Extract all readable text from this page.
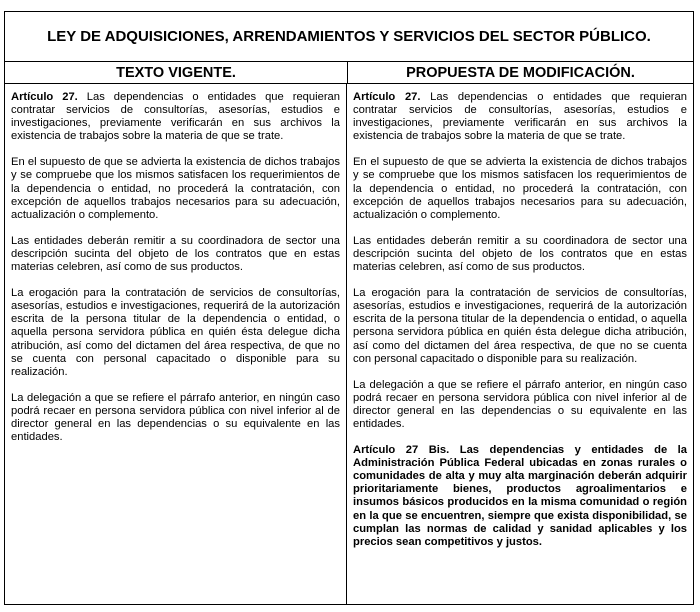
LEY DE ADQUISICIONES, ARRENDAMIENTOS Y SERVICIOS DEL SECTOR PÚBLICO.
TEXTO VIGENTE.	PROPUESTA DE MODIFICACIÓN.

Artículo 27. Las dependencias o entidades que requieran contratar servicios de consultorías, asesorías, estudios e investigaciones, previamente verificarán en sus archivos la existencia de trabajos sobre la materia de que se trate.

En el supuesto de que se advierta la existencia de dichos trabajos y se compruebe que los mismos satisfacen los requerimientos de la dependencia o entidad, no procederá la contratación, con excepción de aquellos trabajos necesarios para su adecuación, actualización o complemento.

Las entidades deberán remitir a su coordinadora de sector una descripción sucinta del objeto de los contratos que en estas materias celebren, así como de sus productos.

La erogación para la contratación de servicios de consultorías, asesorías, estudios e investigaciones, requerirá de la autorización escrita de la persona titular de la dependencia o entidad, o aquella persona servidora pública en quién ésta delegue dicha atribución, así como del dictamen del área respectiva, de que no se cuenta con personal capacitado o disponible para su realización.

La delegación a que se refiere el párrafo anterior, en ningún caso podrá recaer en persona servidora pública con nivel inferior al de director general en las dependencias o su equivalente en las entidades.

Artículo 27. Las dependencias o entidades que requieran contratar servicios de consultorías, asesorías, estudios e investigaciones, previamente verificarán en sus archivos la existencia de trabajos sobre la materia de que se trate.

En el supuesto de que se advierta la existencia de dichos trabajos y se compruebe que los mismos satisfacen los requerimientos de la dependencia o entidad, no procederá la contratación, con excepción de aquellos trabajos necesarios para su adecuación, actualización o complemento.

Las entidades deberán remitir a su coordinadora de sector una descripción sucinta del objeto de los contratos que en estas materias celebren, así como de sus productos.

La erogación para la contratación de servicios de consultorías, asesorías, estudios e investigaciones, requerirá de la autorización escrita de la persona titular de la dependencia o entidad, o aquella persona servidora pública en quién ésta delegue dicha atribución, así como del dictamen del área respectiva, de que no se cuenta con personal capacitado o disponible para su realización.

La delegación a que se refiere el párrafo anterior, en ningún caso podrá recaer en persona servidora pública con nivel inferior al de director general en las dependencias o su equivalente en las entidades.

Artículo 27 Bis. Las dependencias y entidades de la Administración Pública Federal ubicadas en zonas rurales o comunidades de alta y muy alta marginación deberán adquirir prioritariamente bienes, productos agroalimentarios e insumos básicos producidos en la misma comunidad o región en la que se encuentren, siempre que exista disponibilidad, se cumplan las normas de calidad y sanidad aplicables y los precios sean competitivos y justos.
